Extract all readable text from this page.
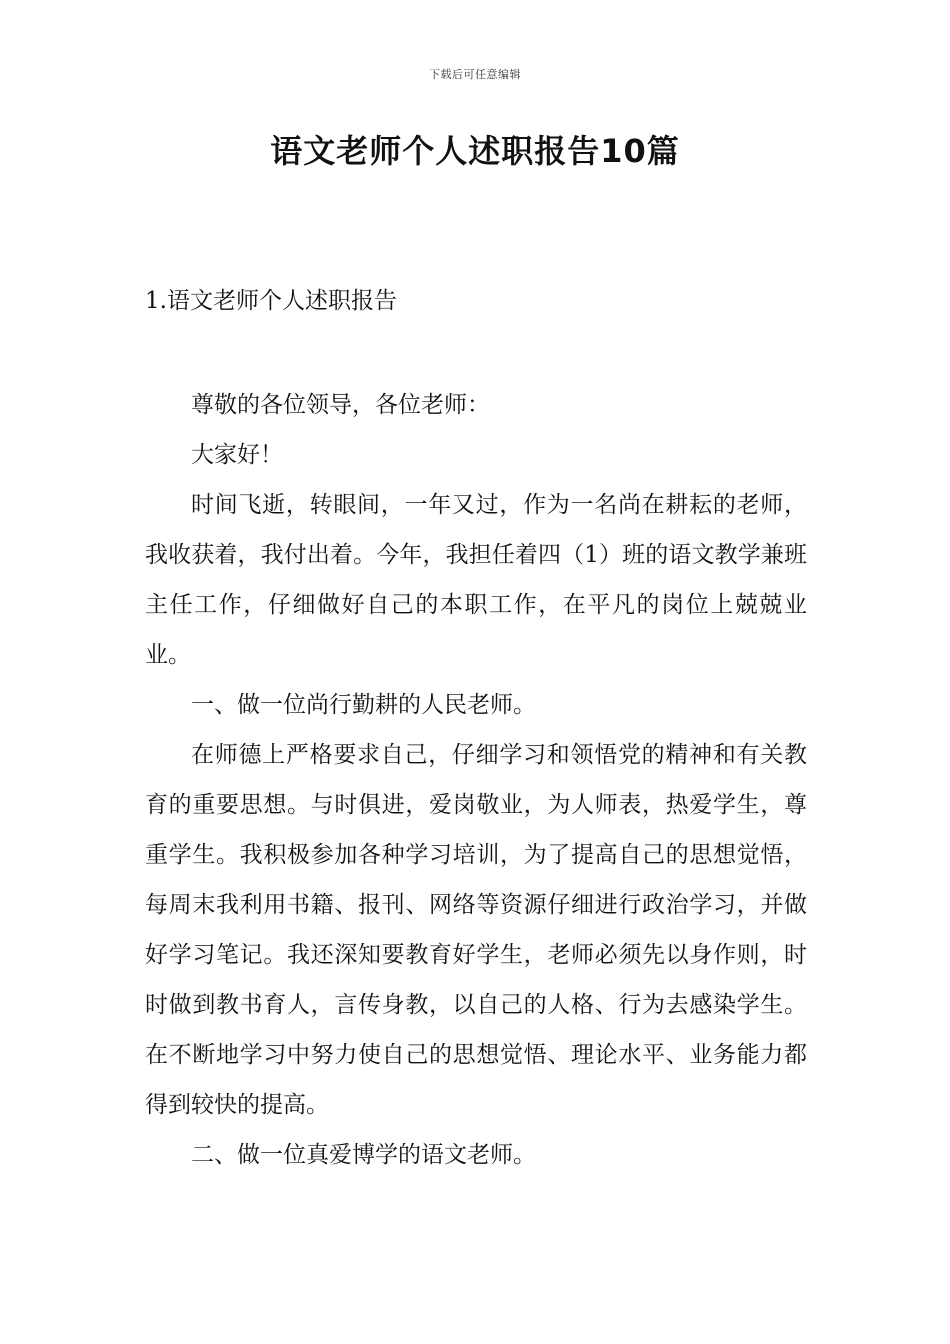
下载后可任意编辑
语文老师个人述职报告10篇
1.语文老师个人述职报告

尊敬的各位领导，各位老师：

大家好！

时间飞逝，转眼间，一年又过，作为一名尚在耕耘的老师，我收获着，我付出着。今年，我担任着四（1）班的语文教学兼班主任工作，仔细做好自己的本职工作，在平凡的岗位上兢兢业业。

一、做一位尚行勤耕的人民老师。

在师德上严格要求自己，仔细学习和领悟党的精神和有关教育的重要思想。与时俱进，爱岗敬业，为人师表，热爱学生，尊重学生。我积极参加各种学习培训，为了提高自己的思想觉悟，每周末我利用书籍、报刊、网络等资源仔细进行政治学习，并做好学习笔记。我还深知要教育好学生，老师必须先以身作则，时时做到教书育人，言传身教，以自己的人格、行为去感染学生。在不断地学习中努力使自己的思想觉悟、理论水平、业务能力都得到较快的提高。

二、做一位真爱博学的语文老师。
